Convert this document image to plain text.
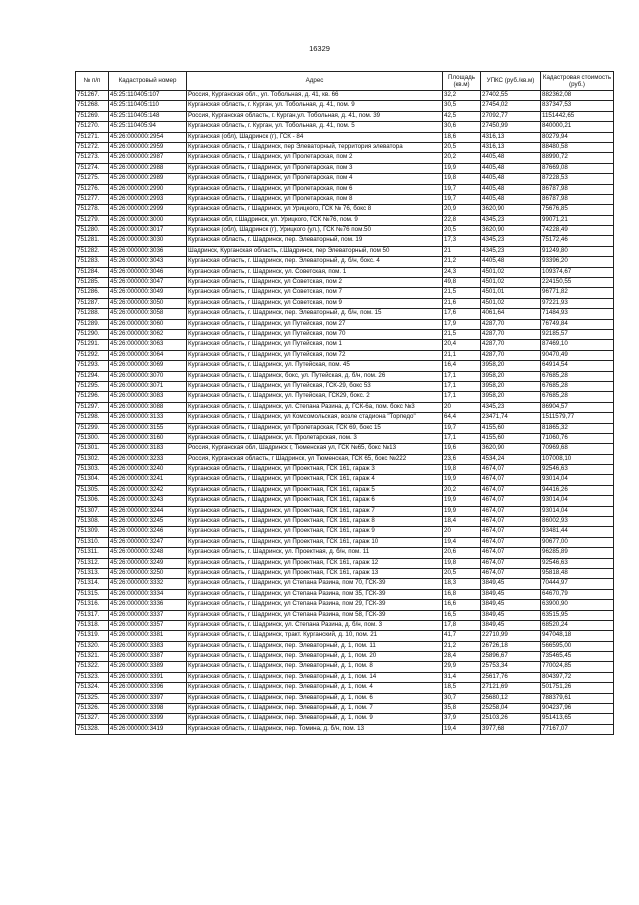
16329
№ п/п	Кадастровый номер	Адрес	Площадь (кв.м)	УПКС (руб./кв.м)	Кадастровая стоимость (руб.)
751267.	45:25:110405:107	Россия, Курганская обл., ул. Тобольная, д. 41, кв. 66	32,2	27402,55	882362,08
751268.	45:25:110405:110	Курганская область, г. Курган, ул. Тобольная, д. 41, пом. 9	30,5	27454,02	837347,53
751269.	45:25:110405:148	Россия, Курганская область, г. Курган,ул. Тобольная, д. 41, пом. 39	42,5	27092,77	1151442,65
751270.	45:25:110405:94	Курганская область, г. Курган, ул. Тобольная, д. 41, пом. 5	30,6	27450,99	840000,21
751271.	45:26:000000:2954	Курганская (обл), Шадринск (г), ГСК - 84	18,6	4316,13	80279,94
751272.	45:26:000000:2959	Курганская область, г Шадринск, пер Элеваторный, территория элеватора	20,5	4316,13	88480,58
751273.	45:26:000000:2987	Курганская область, г Шадринск, ул Пролетарская, пом 2	20,2	4405,48	88990,72
751274.	45:26:000000:2988	Курганская область, г Шадринск, ул Пролетарская, пом 3	19,9	4405,48	87669,08
751275.	45:26:000000:2989	Курганская область, г Шадринск, ул Пролетарская, пом 4	19,8	4405,48	87228,53
751276.	45:26:000000:2990	Курганская область, г Шадринск, ул Пролетарская, пом 6	19,7	4405,48	86787,98
751277.	45:26:000000:2993	Курганская область, г Шадринск, ул Пролетарская, пом 8	19,7	4405,48	86787,98
751278.	45:26:000000:2999	Курганская область, г Шадринск, ул Урицкого, ГСК № 76, бокс 8	20,9	3620,90	75676,85
751279.	45:26:000000:3000	Курганская обл, г.Шадринск, ул. Урицкого, ГСК №76, пом. 9	22,8	4345,23	99071,21
751280.	45:26:000000:3017	Курганская (обл), Шадринск (г), Урицкого (ул.), ГСК №76 пом.50	20,5	3620,90	74228,49
751281.	45:26:000000:3030	Курганская область, г. Шадринск, пер. Элеваторный, пом. 19	17,3	4345,23	75172,46
751282.	45:26:000000:3036	Шадринск, Курганская область, г.Шадринск, пер Элеваторный, пом 50	21	4345,23	91249,80
751283.	45:26:000000:3043	Курганская область, г. Шадринск, пер. Элеваторный, д. б/н, бокс. 4	21,2	4405,48	93396,20
751284.	45:26:000000:3046	Курганская область, г. Шадринск, ул. Советская, пом. 1	24,3	4501,02	109374,67
751285.	45:26:000000:3047	Курганская область, г Шадринск, ул Советская, пом 2	49,8	4501,02	224150,55
751286.	45:26:000000:3049	Курганская область, г Шадринск, ул Советская, пом 7	21,5	4501,01	96771,82
751287.	45:26:000000:3050	Курганская область, г Шадринск, ул Советская, пом 9	21,6	4501,02	97221,93
751288.	45:26:000000:3058	Курганская область, г. Шадринск, пер. Элеваторный, д. б/н, пом. 15	17,6	4061,64	71484,93
751289.	45:26:000000:3060	Курганская область, г Шадринск, ул Путейская, пом 27	17,9	4287,70	76749,84
751290.	45:26:000000:3062	Курганская область, г Шадринск, ул Путейская, пом 70	21,5	4287,70	92185,57
751291.	45:26:000000:3063	Курганская область, г Шадринск, ул Путейская, пом 1	20,4	4287,70	87469,10
751292.	45:26:000000:3064	Курганская область, г Шадринск, ул Путейская, пом 72	21,1	4287,70	90470,49
751293.	45:26:000000:3069	Курганская область, г. Шадринск, ул. Путейская, пом. 45	16,4	3958,20	64914,54
751294.	45:26:000000:3070	Курганская область, г. Шадринск, бокс, ул. Путейская, д. б/н, пом. 26	17,1	3958,20	67685,28
751295.	45:26:000000:3071	Курганская область, г Шадринск, ул Путейская, ГСК-29, бокс 53	17,1	3958,20	67685,28
751296.	45:26:000000:3083	Курганская область, г. Шадринск, ул. Путейская, ГСК29, бокс. 2	17,1	3958,20	67685,28
751297.	45:26:000000:3088	Курганская область, г. Шадринск, ул. Степана Разина, д. ГСК-6а, пом. бокс №3	20	4345,23	86904,57
751298.	45:26:000000:3133	Курганская область, г Шадринск, ул Комсомольская, возле стадиона "Торпедо"	64,4	23471,74	1511579,77
751299.	45:26:000000:3155	Курганская область, г Шадринск, ул Пролетарская, ГСК 69, бокс 15	19,7	4155,60	81865,32
751300.	45:26:000000:3160	Курганская область, г. Шадринск, ул. Пролетарская, пом. 3	17,1	4155,60	71060,76
751301.	45:26:000000:3183	Россия, Курганская обл, Шадринск г, Тюменская ул, ГСК №65, бокс №13	19,6	3620,90	70969,68
751302.	45:26:000000:3233	Россия, Курганская область, г Шадринск, ул Тюменская, ГСК 65, бокс №222	23,6	4534,24	107008,10
751303.	45:26:000000:3240	Курганская область, г Шадринск, ул Проектная, ГСК 161, гараж 3	19,8	4674,07	92546,63
751304.	45:26:000000:3241	Курганская область, г Шадринск, ул Проектная, ГСК 161, гараж 4	19,9	4674,07	93014,04
751305.	45:26:000000:3242	Курганская область, г Шадринск, ул Проектная, ГСК 161, гараж 5	20,2	4674,07	94416,26
751306.	45:26:000000:3243	Курганская область, г Шадринск, ул Проектная, ГСК 161, гараж 6	19,9	4674,07	93014,04
751307.	45:26:000000:3244	Курганская область, г Шадринск, ул Проектная, ГСК 161, гараж 7	19,9	4674,07	93014,04
751308.	45:26:000000:3245	Курганская область, г Шадринск, ул Проектная, ГСК 161, гараж 8	18,4	4674,07	86002,93
751309.	45:26:000000:3246	Курганская область, г Шадринск, ул Проектная, ГСК 161, гараж 9	20	4674,07	93481,44
751310.	45:26:000000:3247	Курганская область, г Шадринск, ул Проектная, ГСК 161, гараж 10	19,4	4674,07	90677,00
751311.	45:26:000000:3248	Курганская область, г. Шадринск, ул. Проектная, д. б/н, пом. 11	20,6	4674,07	96285,89
751312.	45:26:000000:3249	Курганская область, г Шадринск, ул Проектная, ГСК 161, гараж 12	19,8	4674,07	92546,63
751313.	45:26:000000:3250	Курганская область, г Шадринск, ул Проектная, ГСК 161, гараж 13	20,5	4674,07	95818,48
751314.	45:26:000000:3332	Курганская область, г Шадринск, ул Степана Разина, пом 70, ГСК-39	18,3	3849,45	70444,97
751315.	45:26:000000:3334	Курганская область, г Шадринск, ул Степана Разина, пом 35, ГСК-39	16,8	3849,45	64670,79
751316.	45:26:000000:3336	Курганская область, г Шадринск, ул Степана Разина, пом 29, ГСК-39	16,6	3849,45	63900,90
751317.	45:26:000000:3337	Курганская область, г Шадринск, ул Степана Разина, пом 58, ГСК-39	16,5	3849,45	63515,95
751318.	45:26:000000:3357	Курганская область, г. Шадринск, ул. Степана Разина, д. б/н, пом. 3	17,8	3849,45	68520,24
751319.	45:26:000000:3381	Курганская область, г. Шадринск, тракт. Курганский, д. 10, пом. 21	41,7	22710,99	947048,18
751320.	45:26:000000:3383	Курганская область, г. Шадринск, пер. Элеваторный, д. 1, пом. 11	21,2	26726,18	566595,00
751321.	45:26:000000:3387	Курганская область, г. Шадринск, пер. Элеваторный, д. 1, пом. 20	28,4	25896,67	735465,45
751322.	45:26:000000:3389	Курганская область, г. Шадринск, пер. Элеваторный, д. 1, пом. 8	29,9	25753,34	770024,85
751323.	45:26:000000:3391	Курганская область, г. Шадринск, пер. Элеваторный, д. 1, пом. 14	31,4	25617,76	804397,72
751324.	45:26:000000:3396	Курганская область, г. Шадринск, пер. Элеваторный, д. 1, пом. 4	18,5	27121,69	501751,26
751325.	45:26:000000:3397	Курганская область, г. Шадринск, пер. Элеваторный, д. 1, пом. 6	30,7	25680,12	788379,61
751326.	45:26:000000:3398	Курганская область, г. Шадринск, пер. Элеваторный, д. 1, пом. 7	35,8	25258,04	904237,96
751327.	45:26:000000:3399	Курганская область, г. Шадринск, пер. Элеваторный, д. 1, пом. 9	37,9	25103,26	951413,65
751328.	45:26:000000:3419	Курганская область, г. Шадринск, пер. Томина, д. б/н, пом. 13	19,4	3977,68	77167,07
